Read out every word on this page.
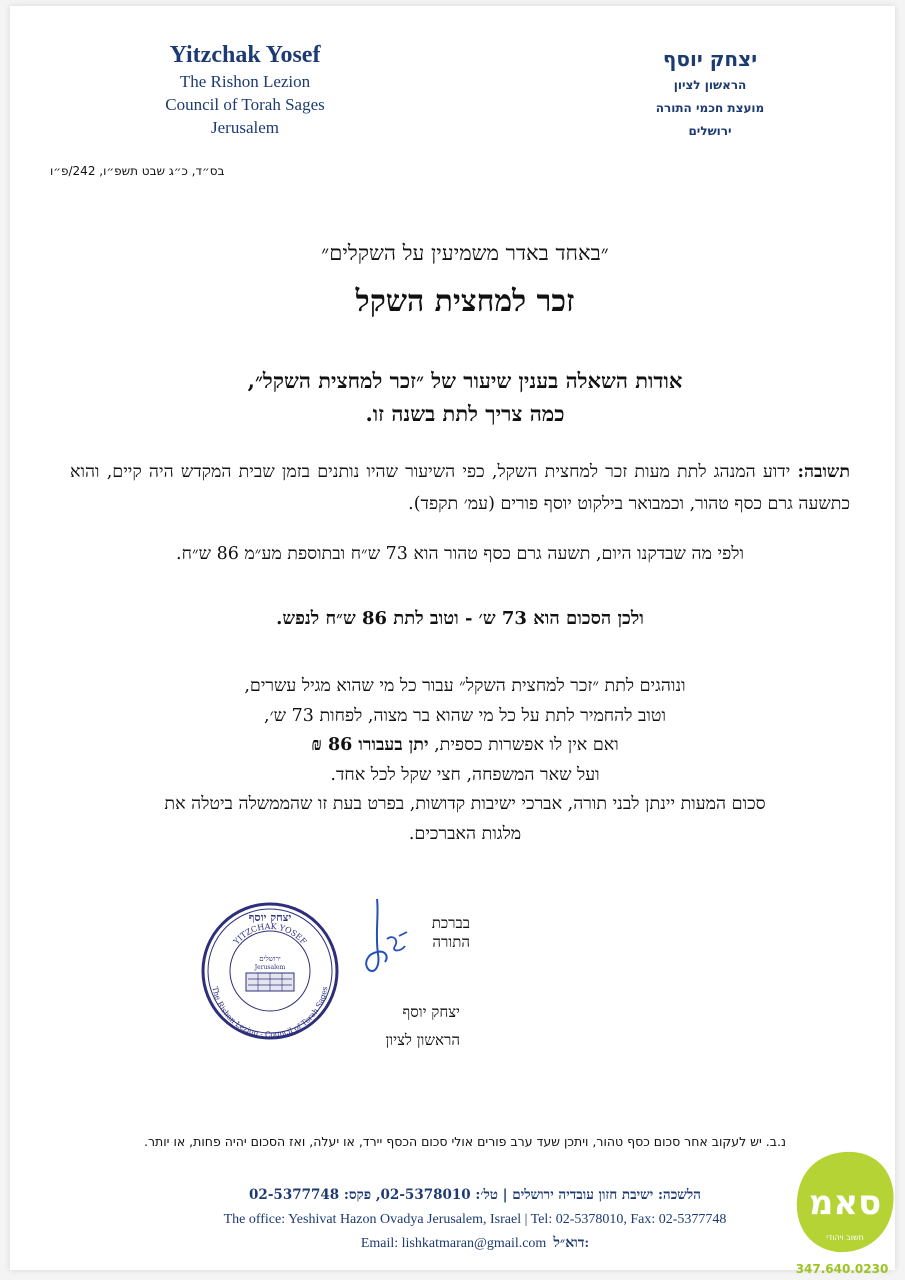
Yitzchak Yosef
The Rishon Lezion
Council of Torah Sages
Jerusalem
יצחק יוסף
הראשון לציון
מועצת חכמי התורה
ירושלים
בס״ד, כ״ג שבט תשפ״ו, 242/פ״ו
״באחד באדר משמיעין על השקלים״
זכר למחצית השקל
אודות השאלה בענין שיעור של ״זכר למחצית השקל״,
כמה צריך לתת בשנה זו.
תשובה: ידוע המנהג לתת מעות זכר למחצית השקל, כפי השיעור שהיו נותנים בזמן שבית המקדש היה קיים, והוא כתשעה גרם כסף טהור, וכמבואר בילקוט יוסף פורים (עמ׳ תקפד).
ולפי מה שבדקנו היום, תשעה גרם כסף טהור הוא 73 ש״ח ובתוספת מע״מ 86 ש״ח.
ולכן הסכום הוא 73 ש׳ - וטוב לתת 86 ש״ח לנפש.
ונוהגים לתת ״זכר למחצית השקל״ עבור כל מי שהוא מגיל עשרים,
וטוב להחמיר לתת על כל מי שהוא בר מצוה, לפחות 73 ש׳,
ואם אין לו אפשרות כספית, יתן בעבורו 86 ₪
ועל שאר המשפחה, חצי שקל לכל אחד.
סכום המעות יינתן לבני תורה, אברכי ישיבות קדושות, בפרט בעת זו שהממשלה ביטלה את
מלגות האברכים.
יצחק יוסף
YITZCHAK YOSEF
ירושלים
Jerusalem
The Rishon Lezion - Council of Torah Sages
בברכת התורה
יצחק יוסף
הראשון לציון
נ.ב. יש לעקוב אחר סכום כסף טהור, ויתכן שעד ערב פורים אולי סכום הכסף יירד, או יעלה, ואז הסכום יהיה פחות, או יותר.
הלשכה: ישיבת חזון עובדיה ירושלים | טל׳: 02-5378010, פקס: 02-5377748
The office: Yeshivat Hazon Ovadya Jerusalem, Israel | Tel: 02-5378010, Fax: 02-5377748
Email: lishkatmaran@gmail.com דוא״ל:
סאמ
חשוב ויהודי
347.640.0230
